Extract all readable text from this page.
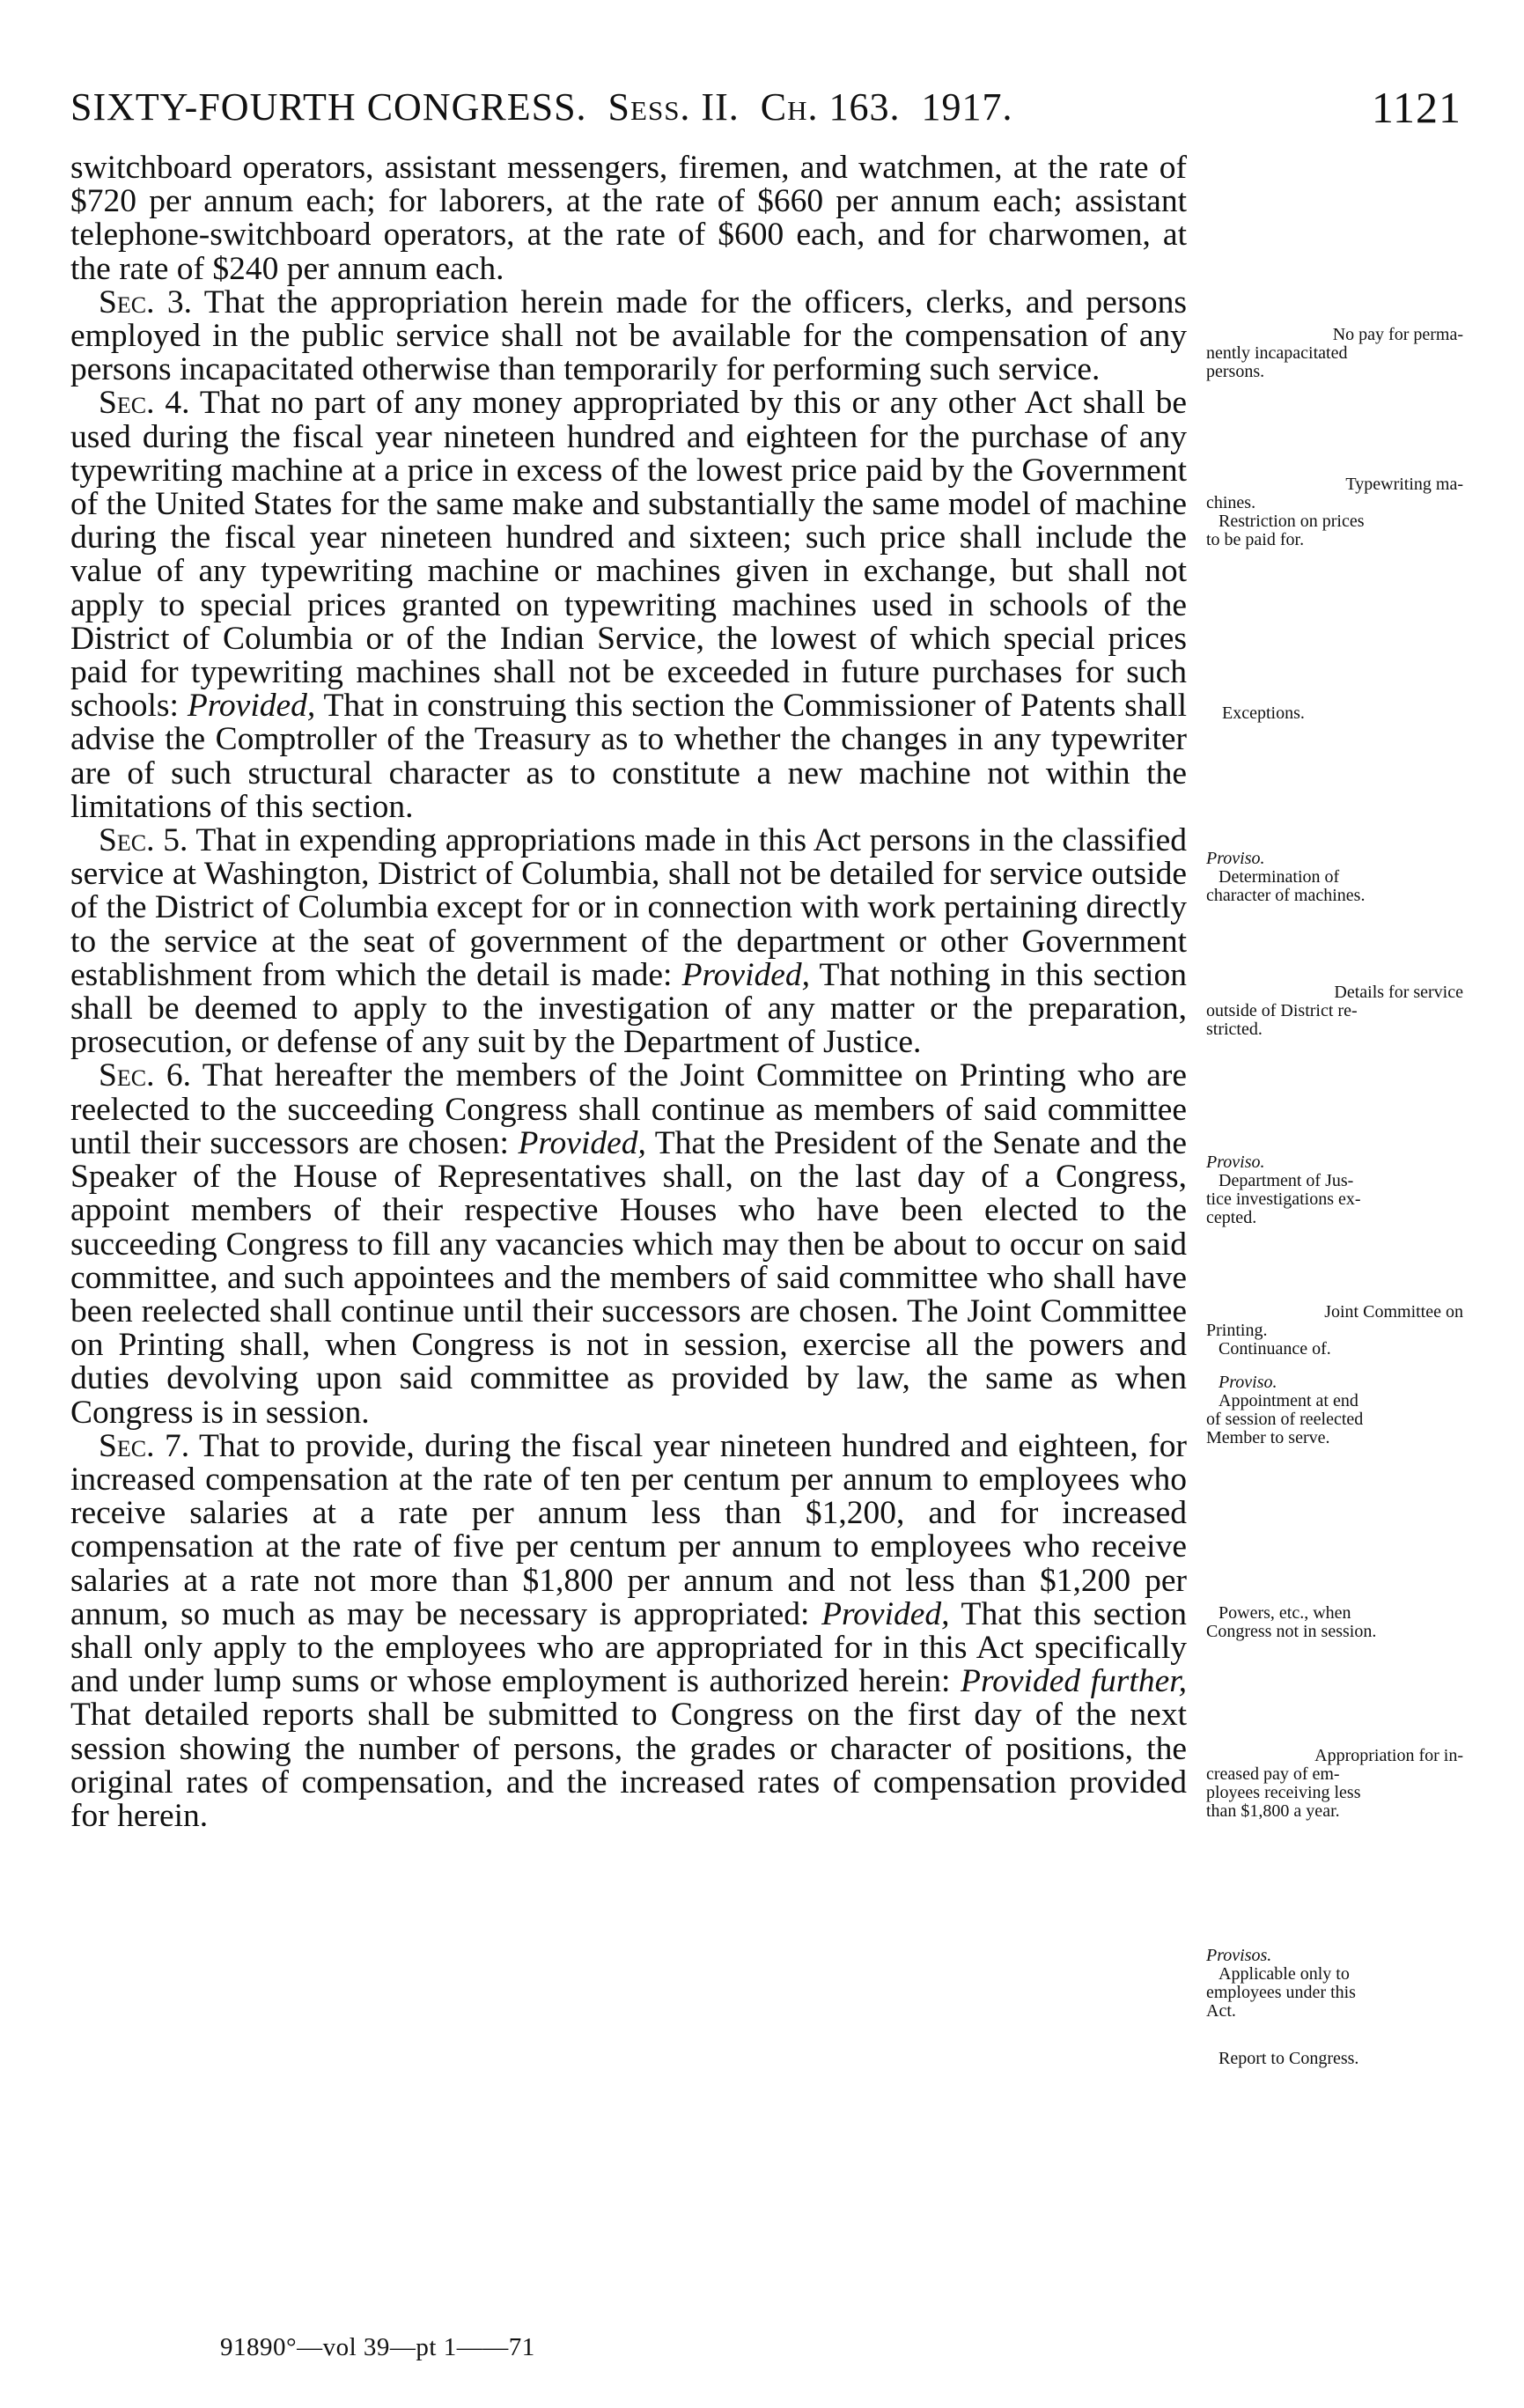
SIXTY-FOURTH CONGRESS. Sess. II. Ch. 163. 1917.	1121

switchboard operators, assistant messengers, firemen, and watchmen, at the rate of $720 per annum each; for laborers, at the rate of $660 per annum each; assistant telephone-switchboard operators, at the rate of $600 each, and for charwomen, at the rate of $240 per annum each.

Sec. 3. That the appropriation herein made for the officers, clerks, and persons employed in the public service shall not be available for the compensation of any persons incapacitated otherwise than temporarily for performing such service.

Sec. 4. That no part of any money appropriated by this or any other Act shall be used during the fiscal year nineteen hundred and eighteen for the purchase of any typewriting machine at a price in excess of the lowest price paid by the Government of the United States for the same make and substantially the same model of machine during the fiscal year nineteen hundred and sixteen; such price shall include the value of any typewriting machine or machines given in exchange, but shall not apply to special prices granted on typewriting machines used in schools of the District of Columbia or of the Indian Service, the lowest of which special prices paid for typewriting machines shall not be exceeded in future purchases for such schools: Provided, That in construing this section the Commissioner of Patents shall advise the Comptroller of the Treasury as to whether the changes in any typewriter are of such structural character as to constitute a new machine not within the limitations of this section.

Sec. 5. That in expending appropriations made in this Act persons in the classified service at Washington, District of Columbia, shall not be detailed for service outside of the District of Columbia except for or in connection with work pertaining directly to the service at the seat of government of the department or other Government establishment from which the detail is made: Provided, That nothing in this section shall be deemed to apply to the investigation of any matter or the preparation, prosecution, or defense of any suit by the Department of Justice.

Sec. 6. That hereafter the members of the Joint Committee on Printing who are reelected to the succeeding Congress shall continue as members of said committee until their successors are chosen: Provided, That the President of the Senate and the Speaker of the House of Representatives shall, on the last day of a Congress, appoint members of their respective Houses who have been elected to the succeeding Congress to fill any vacancies which may then be about to occur on said committee, and such appointees and the members of said committee who shall have been reelected shall continue until their successors are chosen. The Joint Committee on Printing shall, when Congress is not in session, exercise all the powers and duties devolving upon said committee as provided by law, the same as when Congress is in session.

Sec. 7. That to provide, during the fiscal year nineteen hundred and eighteen, for increased compensation at the rate of ten per centum per annum to employees who receive salaries at a rate per annum less than $1,200, and for increased compensation at the rate of five per centum per annum to employees who receive salaries at a rate not more than $1,800 per annum and not less than $1,200 per annum, so much as may be necessary is appropriated: Provided, That this section shall only apply to the employees who are appropriated for in this Act specifically and under lump sums or whose employment is authorized herein: Provided further, That detailed reports shall be submitted to Congress on the first day of the next session showing the number of persons, the grades or character of positions, the original rates of compensation, and the increased rates of compensation provided for herein.

No pay for perma-
nently incapacitated
persons.
Typewriting ma-
chines.
Restriction on prices
to be paid for.
Exceptions.
Proviso.
Determination of
character of machines.
Details for service
outside of District re-
stricted.
Proviso.
Department of Jus-
tice investigations ex-
cepted.
Joint Committee on
Printing.
Continuance of.
Proviso.
Appointment at end
of session of reelected
Member to serve.
Powers, etc., when
Congress not in session.
Appropriation for in-
creased pay of em-
ployees receiving less
than $1,800 a year.
Provisos.
Applicable only to
employees under this
Act.
Report to Congress.
91890°—vol 39—pt 1——71
